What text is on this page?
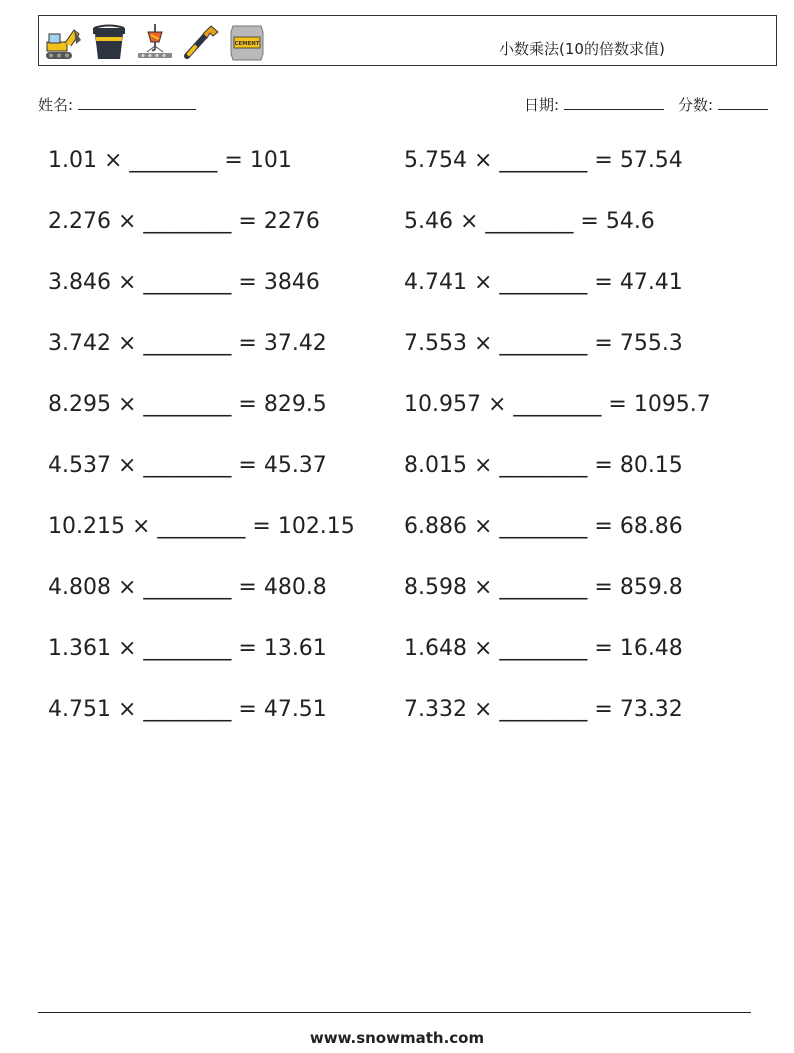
CEMENT	小数乘法(10的倍数求值)
姓名:	日期:	分数:
1.01 × ________ = 101
2.276 × ________ = 2276
3.846 × ________ = 3846
3.742 × ________ = 37.42
8.295 × ________ = 829.5
4.537 × ________ = 45.37
10.215 × ________ = 102.15
4.808 × ________ = 480.8
1.361 × ________ = 13.61
4.751 × ________ = 47.51
5.754 × ________ = 57.54
5.46 × ________ = 54.6
4.741 × ________ = 47.41
7.553 × ________ = 755.3
10.957 × ________ = 1095.7
8.015 × ________ = 80.15
6.886 × ________ = 68.86
8.598 × ________ = 859.8
1.648 × ________ = 16.48
7.332 × ________ = 73.32
www.snowmath.com
